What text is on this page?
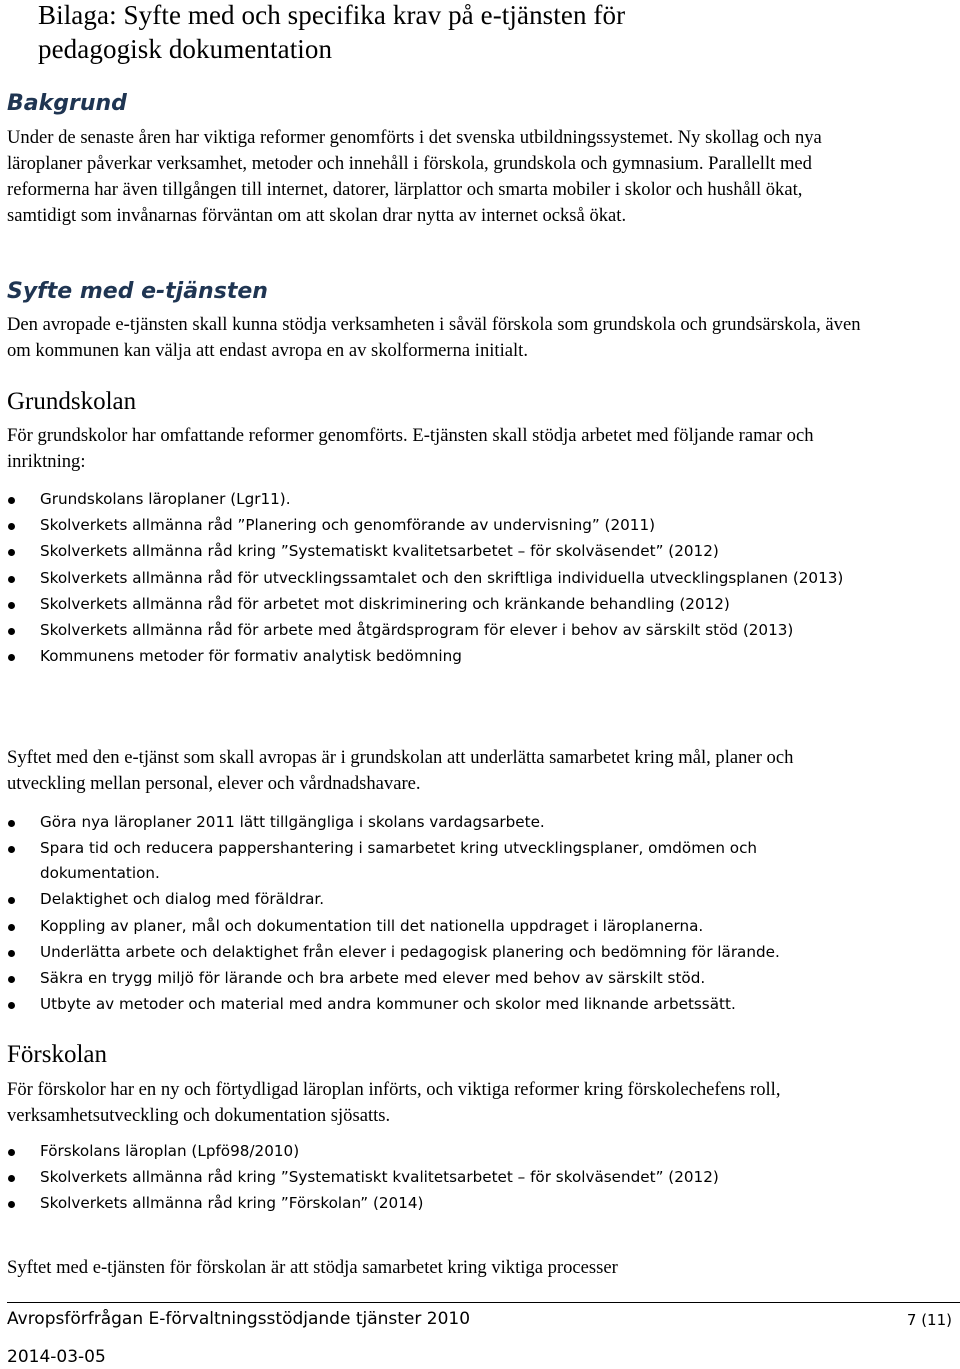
Bilaga: Syfte med och specifika krav på e-tjänsten för
pedagogisk dokumentation
Bakgrund
Under de senaste åren har viktiga reformer genomförts i det svenska utbildningssystemet. Ny skollag och nya läroplaner påverkar verksamhet, metoder och innehåll i förskola, grundskola och gymnasium. Parallellt med reformerna har även tillgången till internet, datorer, lärplattor och smarta mobiler i skolor och hushåll ökat, samtidigt som invånarnas förväntan om att skolan drar nytta av internet också ökat.
Syfte med e-tjänsten
Den avropade e-tjänsten skall kunna stödja verksamheten i såväl förskola som grundskola och grundsärskola, även om kommunen kan välja att endast avropa en av skolformerna initialt.
Grundskolan
För grundskolor har omfattande reformer genomförts. E-tjänsten skall stödja arbetet med följande ramar och inriktning:
Grundskolans läroplaner (Lgr11).
Skolverkets allmänna råd ”Planering och genomförande av undervisning” (2011)
Skolverkets allmänna råd kring ”Systematiskt kvalitetsarbetet – för skolväsendet” (2012)
Skolverkets allmänna råd för utvecklingssamtalet och den skriftliga individuella utvecklingsplanen (2013)
Skolverkets allmänna råd för arbetet mot diskriminering och kränkande behandling (2012)
Skolverkets allmänna råd för arbete med åtgärdsprogram för elever i behov av särskilt stöd (2013)
Kommunens metoder för formativ analytisk bedömning
Syftet med den e-tjänst som skall avropas är i grundskolan att underlätta samarbetet kring mål, planer och utveckling mellan personal, elever och vårdnadshavare.
Göra nya läroplaner 2011 lätt tillgängliga i skolans vardagsarbete.
Spara tid och reducera pappershantering i samarbetet kring utvecklingsplaner, omdömen och dokumentation.
Delaktighet och dialog med föräldrar.
Koppling av planer, mål och dokumentation till det nationella uppdraget i läroplanerna.
Underlätta arbete och delaktighet från elever i pedagogisk planering och bedömning för lärande.
Säkra en trygg miljö för lärande och bra arbete med elever med behov av särskilt stöd.
Utbyte av metoder och material med andra kommuner och skolor med liknande arbetssätt.
Förskolan
För förskolor har en ny och förtydligad läroplan införts, och viktiga reformer kring förskolechefens roll, verksamhetsutveckling och dokumentation sjösatts.
Förskolans läroplan (Lpfö98/2010)
Skolverkets allmänna råd kring ”Systematiskt kvalitetsarbetet – för skolväsendet” (2012)
Skolverkets allmänna råd kring ”Förskolan” (2014)
Syftet med e-tjänsten för förskolan är att stödja samarbetet kring viktiga processer
Avropsförfrågan E-förvaltningsstödjande tjänster 2010	7 (11)
2014-03-05
